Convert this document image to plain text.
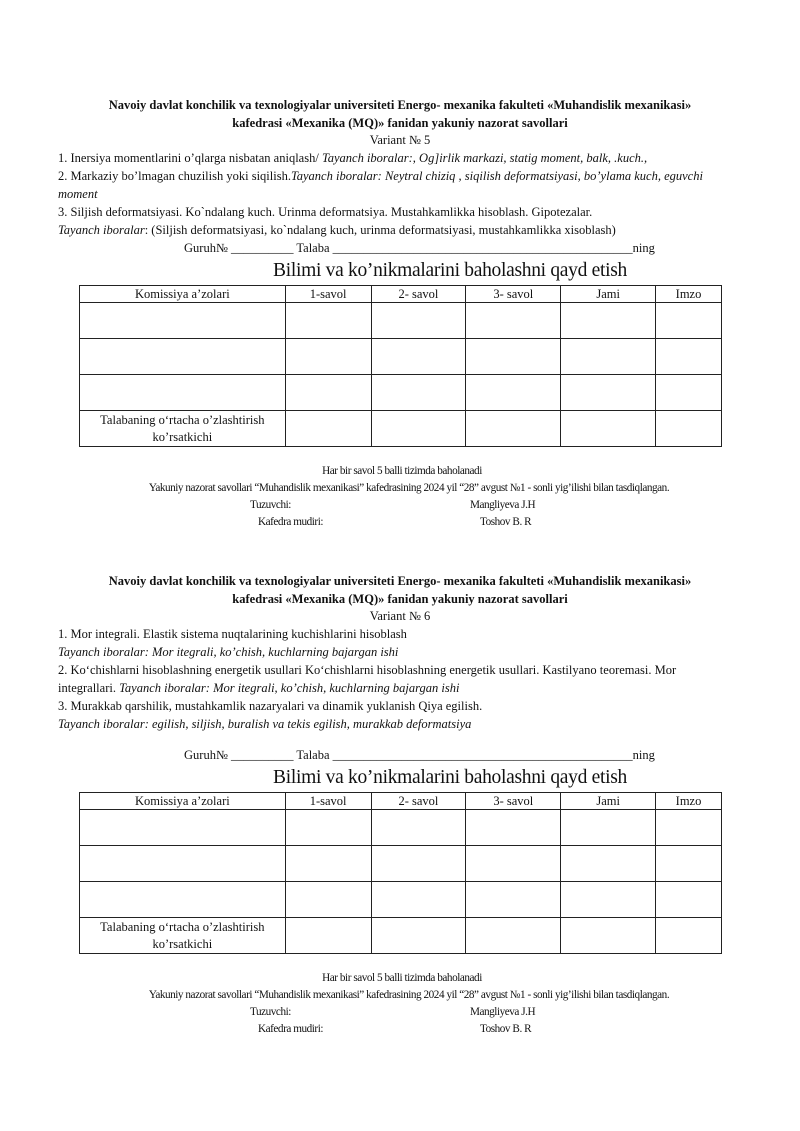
Navoiy davlat konchilik va texnologiyalar universiteti Energo- mexanika fakulteti «Muhandislik mexanikasi»
kafedrasi «Mexanika (MQ)» fanidan yakuniy nazorat savollari
Variant № 5
1. Inersiya momentlarini o’qlarga nisbatan aniqlash/ Tayanch iboralar:, Og]irlik markazi, statig moment, balk, .kuch.,
2. Markaziy bo’lmagan chuzilish yoki siqilish.Tayanch iboralar: Neytral chiziq , siqilish deformatsiyasi, bo’ylama kuch, eguvchi moment
3. Siljish deformatsiyasi. Ko`ndalang kuch. Urinma deformatsiya. Mustahkamlikka hisoblash. Gipotezalar.
Tayanch iboralar: (Siljish deformatsiyasi, ko`ndalang kuch, urinma deformatsiyasi, mustahkamlikka xisoblash)
Guruh№ __________ Talaba ________________________________________________ning
Bilimi va ko’nikmalarini baholashni qayd etish
Komissiya a’zolari	1-savol	2- savol	3- savol	Jami	Imzo

Talabaning o‘rtacha o’zlashtirish ko’rsatkichi					
Har bir savol 5 balli tizimda baholanadi
Yakuniy nazorat savollari “Muhandislik mexanikasi” kafedrasining 2024 yil “28” avgust №1 - sonli yig’ilishi bilan tasdiqlangan.
Tuzuvchi:	Mangliyeva J.H
Kafedra mudiri:	Toshov B. R
Navoiy davlat konchilik va texnologiyalar universiteti Energo- mexanika fakulteti «Muhandislik mexanikasi»
kafedrasi «Mexanika (MQ)» fanidan yakuniy nazorat savollari
Variant № 6
1. Mor integrali. Elastik sistema nuqtalarining kuchishlarini hisoblash
Tayanch iboralar: Mor itegrali, ko’chish, kuchlarning bajargan ishi
2. Ko‘chishlarni hisoblashning energetik usullari Ko‘chishlarni hisoblashning energetik usullari. Kastilyano teoremasi. Mor integrallari. Tayanch iboralar: Mor itegrali, ko’chish, kuchlarning bajargan ishi
3. Murakkab qarshilik, mustahkamlik nazaryalari va dinamik yuklanish Qiya egilish.
Tayanch iboralar: egilish, siljish, buralish va tekis egilish, murakkab deformatsiya
Guruh№ __________ Talaba ________________________________________________ning
Bilimi va ko’nikmalarini baholashni qayd etish
Komissiya a’zolari	1-savol	2- savol	3- savol	Jami	Imzo

Talabaning o‘rtacha o’zlashtirish ko’rsatkichi					
Har bir savol 5 balli tizimda baholanadi
Yakuniy nazorat savollari “Muhandislik mexanikasi” kafedrasining 2024 yil “28” avgust №1 - sonli yig’ilishi bilan tasdiqlangan.
Tuzuvchi:	Mangliyeva J.H
Kafedra mudiri:	Toshov B. R
